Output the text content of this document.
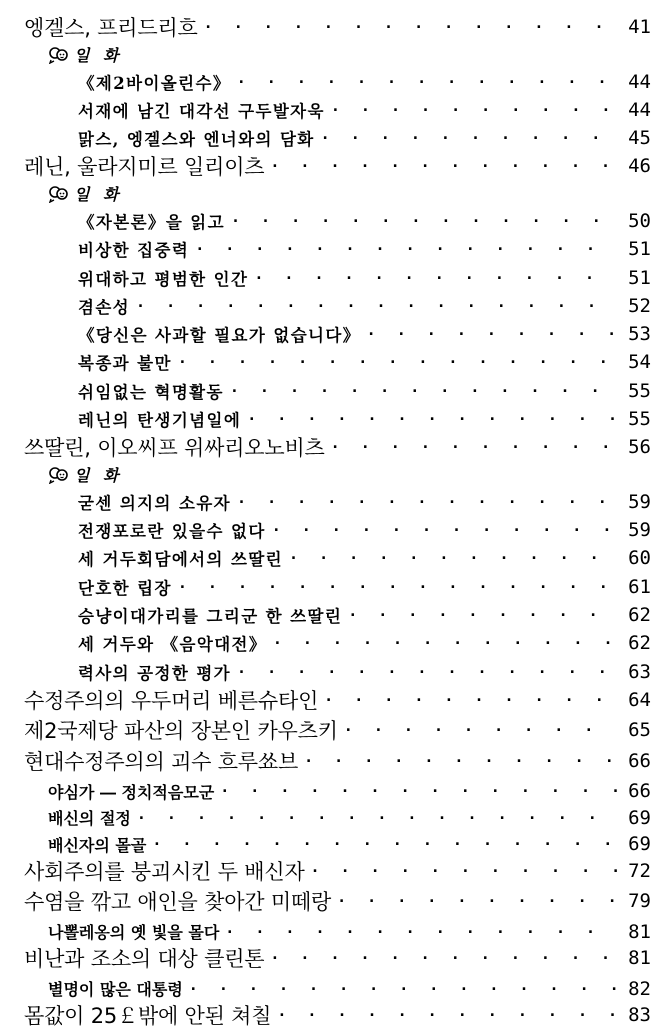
엥겔스, 프리드리흐 · · ·	41
일 화
《제2바이올린수》 · · ·	44
서재에 남긴 대각선 구두발자욱 · · ·	44
맑스, 엥겔스와 엔너와의 담화 · · ·	45
레닌, 울라지미르 일리이츠 · · ·	46
일 화
《자본론》을 읽고 · · ·	50
비상한 집중력 · · ·	51
위대하고 평범한 인간 · · ·	51
겸손성 · · ·	52
《당신은 사과할 필요가 없습니다》 · · ·	53
복종과 불만 · · ·	54
쉬임없는 혁명활동 · · ·	55
레닌의 탄생기념일에 · · ·	55
쓰딸린, 이오씨프 위싸리오노비츠 · · ·	56
일 화
굳센 의지의 소유자 · · ·	59
전쟁포로란 있을수 없다 · · ·	59
세 거두회담에서의 쓰딸린 · · ·	60
단호한 립장 · · ·	61
승냥이대가리를 그리군 한 쓰딸린 · · ·	62
세 거두와 《음악대전》 · · ·	62
력사의 공정한 평가 · · ·	63
수정주의의 우두머리 베른슈타인 · · ·	64
제2국제당 파산의 장본인 카우츠키 · · ·	65
현대수정주의의 괴수 흐루쑈브 · · ·	66
야심가 ― 정치적음모군 · · ·	66
배신의 절정 · · ·	69
배신자의 몰골 · · ·	69
사회주의를 붕괴시킨 두 배신자 · · ·	72
수염을 깎고 애인을 찾아간 미떼랑 · · ·	79
나뽈레옹의 옛 빛을 몰다 · · ·	81
비난과 조소의 대상 클린톤 · · ·	81
별명이 많은 대통령 · · ·	82
몸값이 25￡밖에 안된 쳐칠 · · ·	83
